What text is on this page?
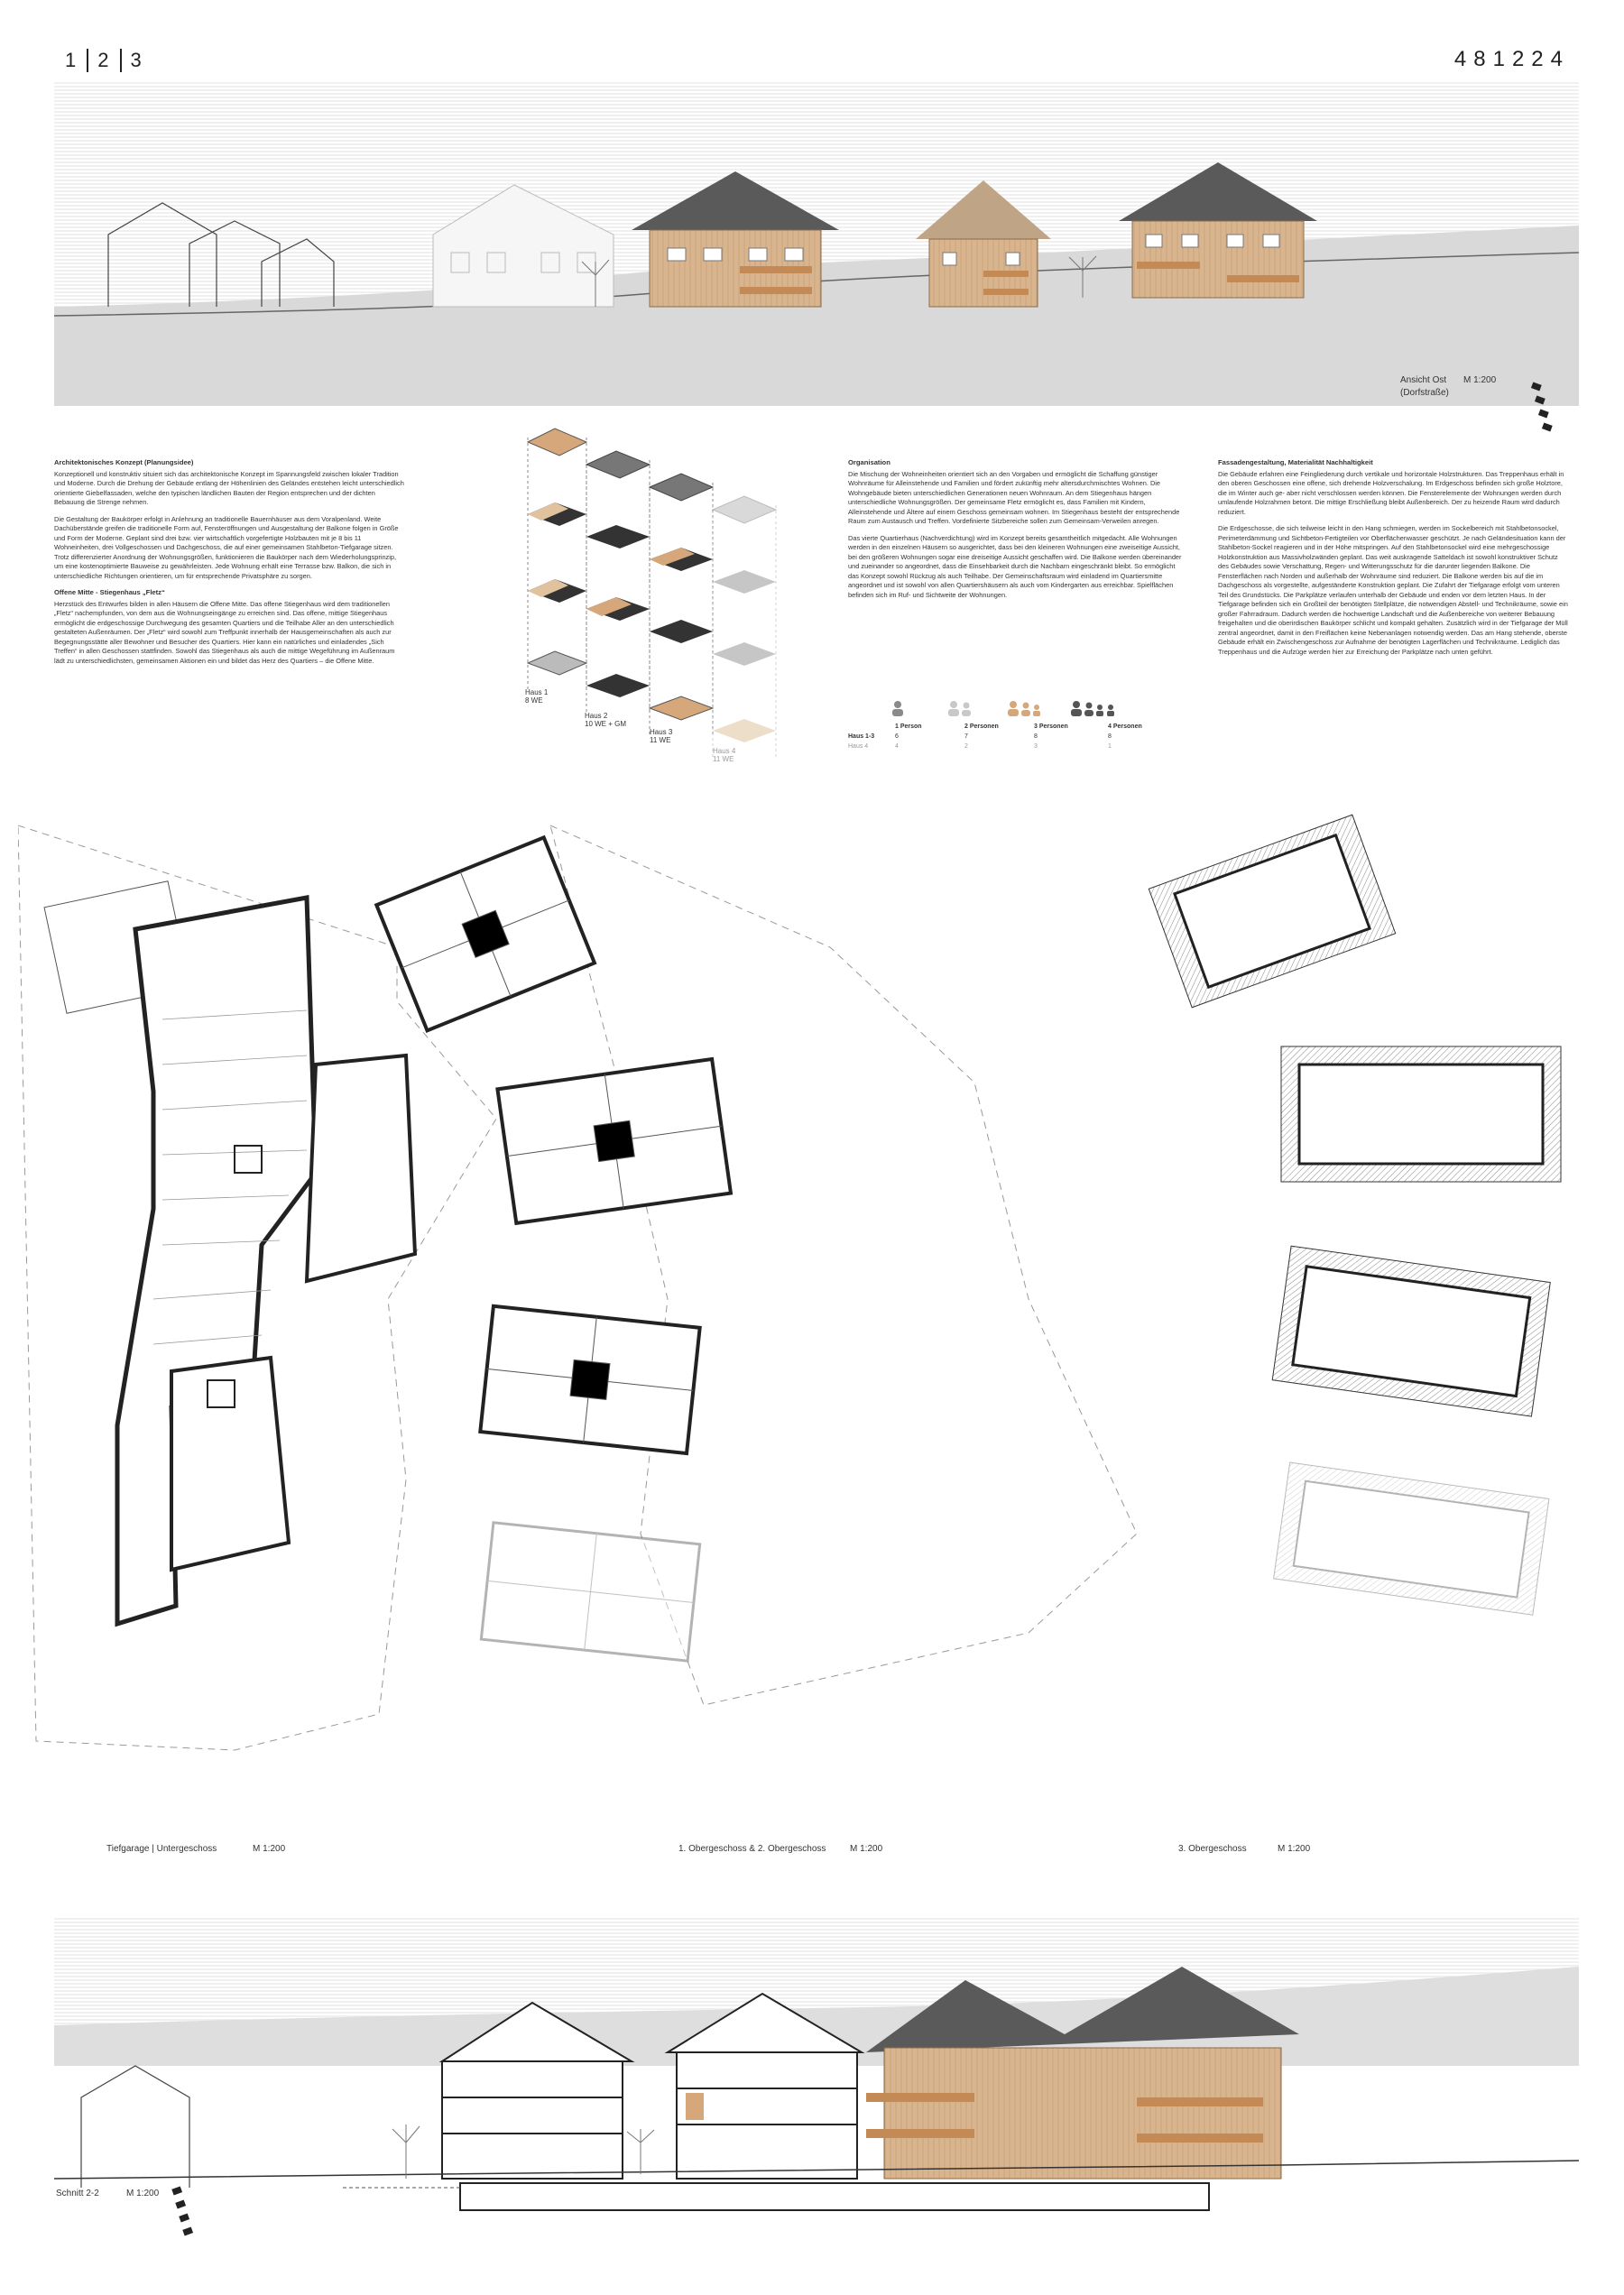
1 2 3	481224
Ansicht Ost
(Dorfstraße)
M 1:200
Architektonisches Konzept (Planungsidee)

Konzeptionell und konstruktiv situiert sich das architektonische Konzept im Spannungsfeld zwischen lokaler Tradition und Moderne. Durch die Drehung der Gebäude entlang der Höhenlinien des Geländes entstehen leicht unterschiedlich orientierte Giebelfassaden, welche den typischen ländlichen Bauten der Region entsprechen und der dichten Bebauung die Strenge nehmen.

Die Gestaltung der Baukörper erfolgt in Anlehnung an traditionelle Bauernhäuser aus dem Voralpenland. Weite Dachüberstände greifen die traditionelle Form auf, Fensteröffnungen und Ausgestaltung der Balkone folgen in Größe und Form der Moderne. Geplant sind drei bzw. vier wirtschaftlich vorgefertigte Holzbauten mit je 8 bis 11 Wohneinheiten, drei Vollgeschossen und Dachgeschoss, die auf einer gemeinsamen Stahlbeton-Tiefgarage sitzen. Trotz differenzierter Anordnung der Wohnungsgrößen, funktionieren die Baukörper nach dem Wiederholungsprinzip, um eine kostenoptimierte Bauweise zu gewährleisten. Jede Wohnung erhält eine Terrasse bzw. Balkon, die sich in unterschiedliche Richtungen orientieren, um für entsprechende Privatsphäre zu sorgen.

Offene Mitte - Stiegenhaus „Fletz“

Herzstück des Entwurfes bilden in allen Häusern die Offene Mitte. Das offene Stiegenhaus wird dem traditionellen „Fletz“ nachempfunden, von dem aus die Wohnungseingänge zu erreichen sind. Das offene, mittige Stiegenhaus ermöglicht die erdgeschossige Durchwegung des gesamten Quartiers und die Teilhabe Aller an den unterschiedlich gestalteten Außenräumen. Der „Fletz“ wird sowohl zum Treffpunkt innerhalb der Hausgemeinschaften als auch zur Begegnungsstätte aller Bewohner und Besucher des Quartiers. Hier kann ein natürliches und einladendes „Sich Treffen“ in allen Geschossen stattfinden. Sowohl das Stiegenhaus als auch die mittige Wegeführung im Außenraum lädt zu unterschiedlichsten, gemeinsamen Aktionen ein und bildet das Herz des Quartiers – die Offene Mitte.

Haus 1
8 WE
Haus 2
10 WE + GM
Haus 3
11 WE
Haus 4
11 WE
Organisation

Die Mischung der Wohneinheiten orientiert sich an den Vorgaben und ermöglicht die Schaffung günstiger Wohnräume für Alleinstehende und Familien und fördert zukünftig mehr altersdurchmischtes Wohnen. Die Wohngebäude bieten unterschiedlichen Generationen neuen Wohnraum. An dem Stiegenhaus hängen unterschiedliche Wohnungsgrößen. Der gemeinsame Fletz ermöglicht es, dass Familien mit Kindern, Alleinstehende und Ältere auf einem Geschoss gemeinsam wohnen. Im Stiegenhaus besteht der entsprechende Raum zum Austausch und Treffen. Vordefinierte Sitzbereiche sollen zum Gemeinsam-Verweilen anregen.

Das vierte Quartierhaus (Nachverdichtung) wird im Konzept bereits gesamtheitlich mitgedacht. Alle Wohnungen werden in den einzelnen Häusern so ausgerichtet, dass bei den kleineren Wohnungen eine zweiseitige Aussicht, bei den größeren Wohnungen sogar eine dreiseitige Aussicht geschaffen wird. Die Balkone werden übereinander und zueinander so angeordnet, dass die Einsehbarkeit durch die Nachbarn eingeschränkt bleibt. So ermöglicht das Konzept sowohl Rückzug als auch Teilhabe. Der Gemeinschaftsraum wird einladend im Quartiersmitte angeordnet und ist sowohl von allen Quartiershäusern als auch vom Kindergarten aus erreichbar. Spielflächen befinden sich im Ruf- und Sichtweite der Wohnungen.

	1 Person	2 Personen	3 Personen	4 Personen
Haus 1-3	6	7	8	8
Haus 4	4	2	3	1
Fassadengestaltung, Materialität Nachhaltigkeit

Die Gebäude erfahren eine Feingliederung durch vertikale und horizontale Holzstrukturen. Das Treppenhaus erhält in den oberen Geschossen eine offene, sich drehende Holzverschalung. Im Erdgeschoss befinden sich große Holztore, die im Winter auch ge- aber nicht verschlossen werden können. Die Fensterelemente der Wohnungen werden durch umlaufende Holzrahmen betont. Die mittige Erschließung bleibt Außenbereich. Der zu heizende Raum wird dadurch reduziert.

Die Erdgeschosse, die sich teilweise leicht in den Hang schmiegen, werden im Sockelbereich mit Stahlbetonsockel, Perimeterdämmung und Sichtbeton-Fertigteilen vor Oberflächenwasser geschützt. Je nach Geländesituation kann der Stahlbeton-Sockel reagieren und in der Höhe mitspringen. Auf den Stahlbetonsockel wird eine mehrgeschossige Holzkonstruktion aus Massivholzwänden geplant. Das weit auskragende Satteldach ist sowohl konstruktiver Schutz des Gebäudes sowie Verschattung, Regen- und Witterungsschutz für die darunter liegenden Balkone. Die Fensterflächen nach Norden und außerhalb der Wohnräume sind reduziert. Die Balkone werden bis auf die im Dachgeschoss als vorgestellte, aufgeständerte Konstruktion geplant. Die Zufahrt der Tiefgarage erfolgt vom unteren Teil des Grundstücks. Die Parkplätze verlaufen unterhalb der Gebäude und enden vor dem letzten Haus. In der Tiefgarage befinden sich ein Großteil der benötigten Stellplätze, die notwendigen Abstell- und Technikräume, sowie ein großer Fahrradraum. Dadurch werden die hochwertige Landschaft und die Außenbereiche von weiterer Bebauung freigehalten und die oberirdischen Baukörper schlicht und kompakt gehalten. Zusätzlich wird in der Tiefgarage der Müll zentral angeordnet, damit in den Freiflächen keine Nebenanlagen notwendig werden. Das am Hang stehende, oberste Gebäude erhält ein Zwischengeschoss zur Aufnahme der benötigten Lagerflächen und Technikräume. Lediglich das Treppenhaus und die Aufzüge werden hier zur Erreichung der Parkplätze nach unten geführt.

Tiefgarage | Untergeschoss	M 1:200	1. Obergeschoss & 2. Obergeschoss	M 1:200	3. Obergeschoss	M 1:200
Schnitt 2-2	M 1:200
